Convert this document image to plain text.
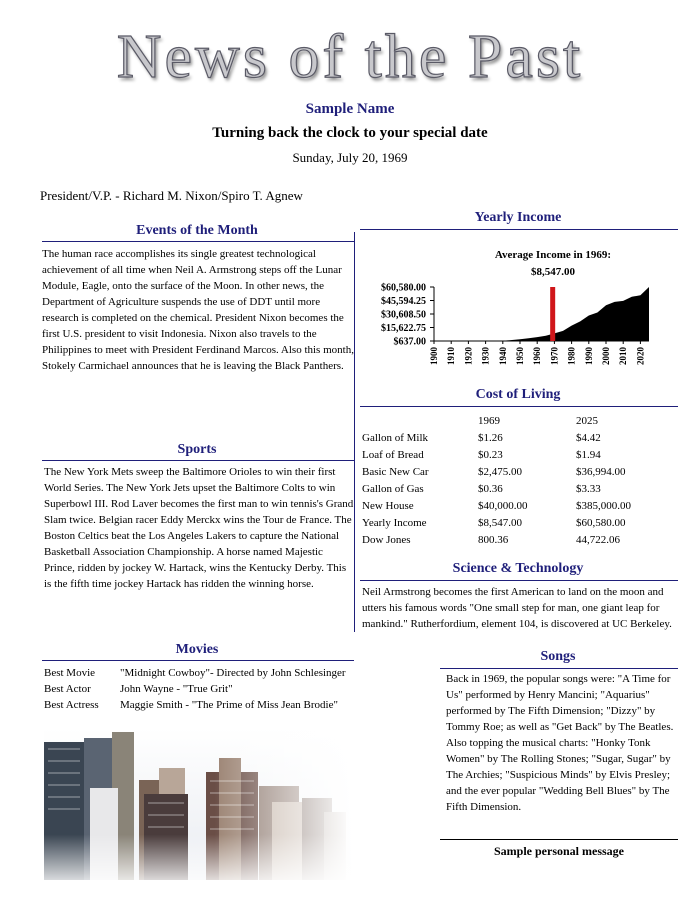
News of the Past
Sample Name
Turning back the clock to your special date
Sunday, July 20, 1969
President/V.P. - Richard M. Nixon/Spiro T. Agnew
Events of the Month
The human race accomplishes its single greatest technological achievement of all time when Neil A. Armstrong steps off the Lunar Module, Eagle, onto the surface of the Moon. In other news, the Department of Agriculture suspends the use of DDT until more research is completed on the chemical. President Nixon becomes the first U.S. president to visit Indonesia. Nixon also travels to the Philippines to meet with President Ferdinand Marcos. Also this month, Stokely Carmichael announces that he is leaving the Black Panthers.
Sports
The New York Mets sweep the Baltimore Orioles to win their first World Series. The New York Jets upset the Baltimore Colts to win Superbowl III. Rod Laver becomes the first man to win tennis's Grand Slam twice. Belgian racer Eddy Merckx wins the Tour de France. The Boston Celtics beat the Los Angeles Lakers to capture the National Basketball Association Championship. A horse named Majestic Prince, ridden by jockey W. Hartack, wins the Kentucky Derby. This is the fifth time jockey Hartack has ridden the winning horse.
Movies
Best Movie	"Midnight Cowboy"- Directed by John Schlesinger
Best Actor	John Wayne - "True Grit"
Best Actress	Maggie Smith - "The Prime of Miss Jean Brodie"
Yearly Income
Average Income in 1969:
$8,547.00
$60,580.00
$45,594.25
$30,608.50
$15,622.75
$637.00
1900 1910 1920 1930 1940 1950 1960 1970 1980 1990 2000 2010 2020
Cost of Living
	1969	2025
Gallon of Milk	$1.26	$4.42
Loaf of Bread	$0.23	$1.94
Basic New Car	$2,475.00	$36,994.00
Gallon of Gas	$0.36	$3.33
New House	$40,000.00	$385,000.00
Yearly Income	$8,547.00	$60,580.00
Dow Jones	800.36	44,722.06
Science & Technology
Neil Armstrong becomes the first American to land on the moon and utters his famous words "One small step for man, one giant leap for mankind." Rutherfordium, element 104, is discovered at UC Berkeley.
Songs
Back in 1969, the popular songs were: "A Time for Us" performed by Henry Mancini; "Aquarius" performed by The Fifth Dimension; "Dizzy" by Tommy Roe; as well as "Get Back" by The Beatles. Also topping the musical charts: "Honky Tonk Women" by The Rolling Stones; "Sugar, Sugar" by The Archies; "Suspicious Minds" by Elvis Presley; and the ever popular "Wedding Bell Blues" by The Fifth Dimension.
Sample personal message
